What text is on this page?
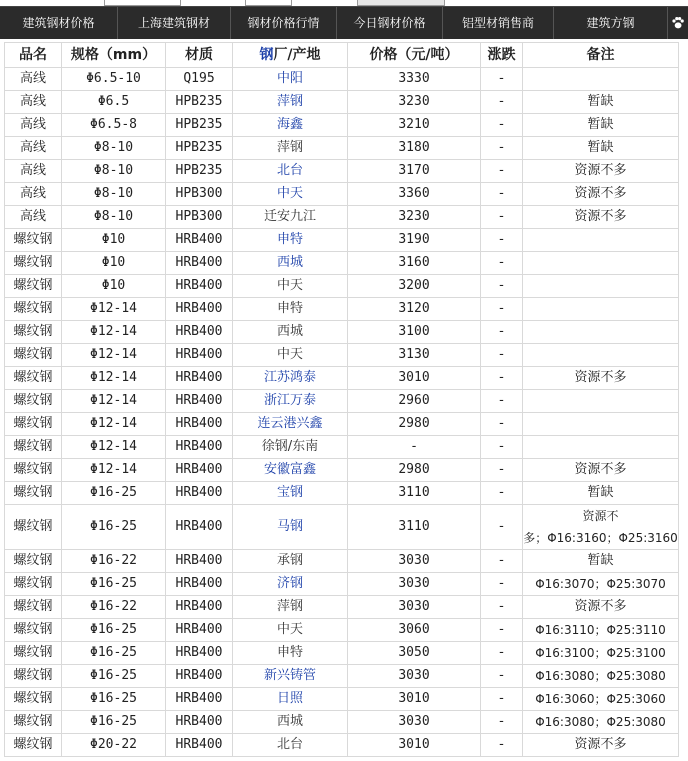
建筑钢材价格	上海建筑钢材	钢材价格行情	今日钢材价格	铝型材销售商	建筑方钢
品名	规格（mm）	材质	钢厂/产地	价格（元/吨）	涨跌	备注
高线	Φ6.5-10	Q195	中阳	3330	-	
高线	Φ6.5	HPB235	萍钢	3230	-	暂缺
高线	Φ6.5-8	HPB235	海鑫	3210	-	暂缺
高线	Φ8-10	HPB235	萍钢	3180	-	暂缺
高线	Φ8-10	HPB235	北台	3170	-	资源不多
高线	Φ8-10	HPB300	中天	3360	-	资源不多
高线	Φ8-10	HPB300	迁安九江	3230	-	资源不多
螺纹钢	Φ10	HRB400	申特	3190	-	
螺纹钢	Φ10	HRB400	西城	3160	-	
螺纹钢	Φ10	HRB400	中天	3200	-	
螺纹钢	Φ12-14	HRB400	申特	3120	-	
螺纹钢	Φ12-14	HRB400	西城	3100	-	
螺纹钢	Φ12-14	HRB400	中天	3130	-	
螺纹钢	Φ12-14	HRB400	江苏鸿泰	3010	-	资源不多
螺纹钢	Φ12-14	HRB400	浙江万泰	2960	-	
螺纹钢	Φ12-14	HRB400	连云港兴鑫	2980	-	
螺纹钢	Φ12-14	HRB400	徐钢/东南	-	-	
螺纹钢	Φ12-14	HRB400	安徽富鑫	2980	-	资源不多
螺纹钢	Φ16-25	HRB400	宝钢	3110	-	暂缺
螺纹钢	Φ16-25	HRB400	马钢	3110	-	资源不
多；Φ16:3160；Φ25:3160

螺纹钢	Φ16-22	HRB400	承钢	3030	-	暂缺
螺纹钢	Φ16-25	HRB400	济钢	3030	-	Φ16:3070；Φ25:3070
螺纹钢	Φ16-22	HRB400	萍钢	3030	-	资源不多
螺纹钢	Φ16-25	HRB400	中天	3060	-	Φ16:3110；Φ25:3110
螺纹钢	Φ16-25	HRB400	申特	3050	-	Φ16:3100；Φ25:3100
螺纹钢	Φ16-25	HRB400	新兴铸管	3030	-	Φ16:3080；Φ25:3080
螺纹钢	Φ16-25	HRB400	日照	3010	-	Φ16:3060；Φ25:3060
螺纹钢	Φ16-25	HRB400	西城	3030	-	Φ16:3080；Φ25:3080
螺纹钢	Φ20-22	HRB400	北台	3010	-	资源不多
